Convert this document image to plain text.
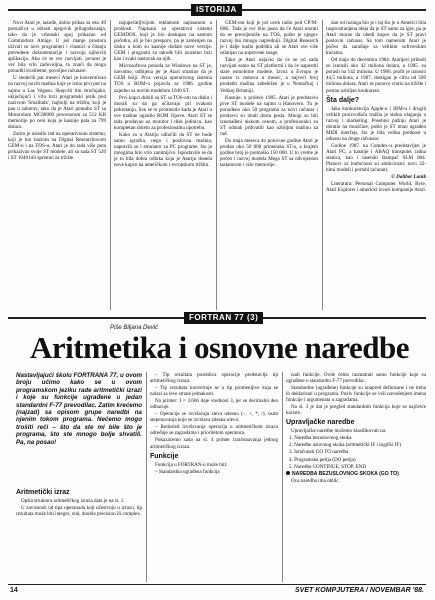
ISTORIJA

Novi Atari je, takođe, dobio prikaz sa oko 40 pretraživa u oblasti njegovih prilagođavanja, tako da je vrhunski spoj prikazao od Commodora Amige. U još manje prostora uživali su novi programeri i vlasnici u čitanju prevedene dokumentacije i razvoju njihovih aplikacija. Ako će se sve razvijati, javnost je već bila vrlo zadovoljna, to znači da mogu ponuditi kvalitetne, povoljne računare.

U sledećih par meseci Atari je koncentrisao na razvoj novih mašina koje je iznio prvi put na sajmu u Las Vegasu. Skup-šti tim stručnjaka, uključujući i vrlo brzi programski jezik pod nazivom 'Smalltalk', najbolji na tržištu, koji je pao u zaborav, tako da je Atari ponudio ST sa Motorolom MC68000 procesorom sa 512 KB memorije po ceni koja je kasnije pala na 799 dolara.

Zatim je usledio rad na operativnom sistemu, koji je bio baziran na Digital Researchovom GEM-u i na TOS-u. Atari je do tada više puta prikazivao svoje ST modele, ali su sada ST 520 i ST 1040 bili spremni za tržište.

najupečatljivijom reklamom napisanom u prošlosti. Napisani su operativni sistemi GEMDOS, koji je bio dostupan na samom početku, ali je bio presporo, pa je zamenjen na disku u kom su kasnije dodate nove verzije. GEM i programi su takođe bili izuzetno brzi kao i svaki nastavak na njih.

Microsoftova ponuda za Windows na ST je, navodno, odbijena jer je Atari smatrao da je GEM bolji. Prva verzija operativnog sistema TOS u ROM-u pojavila se 1986. godine zajedno sa novim modelom 1040 ST.

Prvi kupci dobili su ST sa TOS-om na disku i morali su da ga učitavaju pri svakom pokretanju. Sve se to promenilo kada je Atari u sve mašine ugradio ROM čipove. Atari ST se tada prodavao uz monitor i disk jedinicu, kao kompletan sistem za profesionalnu upotrebu.

Kako su u Atariju odlučili da ST ne bude samo igračka, nego i poslovna mašina, napravili su i emulator za PC programe, što je mnogima bilo vrlo zanimljivo. Ispostavilo se da je to bila dobra odluka koja je Atariju donela nove kupce na američkom i evropskom tržištu.

GEM-om koji je još uvek radio pod CP/M-68K. Tada je već bilo jasno da će Atari morati da se preorijentiše na TOS, pošto je njegov razvoj bio mnogo napredniji. Digital Research je i dalje nudio podršku ali se Atari sve više oslanjao na sopstvene snage.

Tako je Atari najavio da će se od sada razvijati samo na ST platformi i da će napustiti stare osmobitne modele. Izvoz u Evropu je rastao iz meseca u mesec, a najveći broj prodatih mašina zabeležen je u Nemačkoj i Velikoj Britaniji.

Kasnije, u proleće 1985. Atari je predstavio prve ST modele na sajmu u Hanoveru. Tu je ponuđeno oko 50 programa za novi računar i prodavci su imali dosta posla. Mnogi su bili iznenađeni niskom cenom, a profesionalci su ST odmah prihvatili kao ozbiljnu mašinu za rad.

Do maja meseca do polovine godine Atari je prodao oko 50 000 primeraka ST-a, a krajem godine broj je premašio 150 000. U to vreme je počeo i razvoj modela Mega ST sa odvojenom tastaturom i više memorije.

dan od razloga bio je i taj što je u Americi bila rasprostranjena ideja da je ST samo za igre, pa je Atari morao da ubedi kupce da je ST pravi poslovni računar. Sa tom namerom Atari je počeo da sarađuje sa velikim softverskim kućama.

Od maja do decembra 1984. Atarijevi prihodi su iznosili oko 42 miliona dolara, a 1985. su porasli na 142 miliona. U 1986. profit je iznosio 44,5 miliona, a 1987. dostigao je cifru od 500 miliona dolara. Atari se ponovo vratio na tržište i postao ozbiljan konkurent.

Šta dalje?

Jaka konkurencija Apple-u i IBM-u i drugih velikih proizvođača tražila je stalna ulaganja u razvoj i marketing. Posebnu pažnju Atari je obratio na muzičare, pošto je ST imao ugrađen MIDI interfejs, što je bila velika prednost u odnosu na druge računare.

Godine 1987. na Comdex-u predstavljen je Atari PC, a kasnije i ABAQ transputer radna stanica, kao i laserski štampač SLM 804. Planovi za budućnost su ambiciozni: novi 32-bitni modeli i portabl računari.

© Dalibor Lanik

Literatura: Personal Computer World, Byte, Atari Explorer i americki izvori kompanije Atari.

FORTRAN 77 (3)
Piše Biljana Dević
Aritmetika i osnovne naredbe
Nastavljajući školu FORTRANA 77, u ovom broju učimo kako se u ovom programskom jeziku rade aritmetički izrazi i koje su funkcije ugrađene u jedan standardni F-77 prevodilac. Zatim krećemo (najzad) sa opisom grupe naredbi na njenim tokom programa. Nećemo mogo trošiti reči – što da ste mi bile što je programa, što ste mnogo bolje shvatili. Pa, na posao!

Aritmetički izraz

Opšta struktura aritmetičkog izraza data je na sl. 1.

U zavisnosti od tipa operanada koji učestvuju u izrazu, tip rezultata može biti integer, real, double precision ili complex.

– Tip rezultata posledica operacije predstavlja tip aritmetičkog izraza.

– Tip rezultata konvertuje se u tip promenljive koja se nalazi sa leve strane jednakosti.

Na primer: I = 3.666 daje vrednost 3, jer se decimalni deo odbacuje.

– Operacije se izvršavaju sleva udesno (–, +, *, /), osim stepenovanja koje se izvršava zdesna ulevo.

– Redosled izvršavanja operacija u aritmetičkom izrazu određuje se zagradama i prioritetom operatora.

Pokazaćemo sada na sl. 4 primer izračunavanja jednog aritmetičkog izraza.

Funkcije

Funkcija u FORTRAN-u može biti:

– Standardna ugrađena funkcija

nadi funkcije. Ovde ćemo razmatrati samo funkcije koje su ugrađene u standardni F-77 prevodilac.

Standardne (ugrađene) funkcije su unapred definisane i ne treba ih deklarisati u programu. Poziv funkcije se vrši navođenjem imena funkcije i argumenata u zagradama.

Na sl. 3 je dat je pregled standardnih funkcija koje se najčešće koriste.

Upravljačke naredbe

Upravljačke naredbe možemo klasifikovati na:

1. Naredba bezuslovnog skoka

2. Naredbe uslovnog skoka (aritmetički IF i logički IF)

3. Izračunati GO TO naredba

4. Programska petlja (DO petlja)

5. Naredbe CONTINUE, STOP, END

NAREDBA BEZUSLOVNOG SKOKA (GO TO)

Ova naredba ima oblik:

14	SVET KOMPJUTERA / NOVEMBAR '88.
